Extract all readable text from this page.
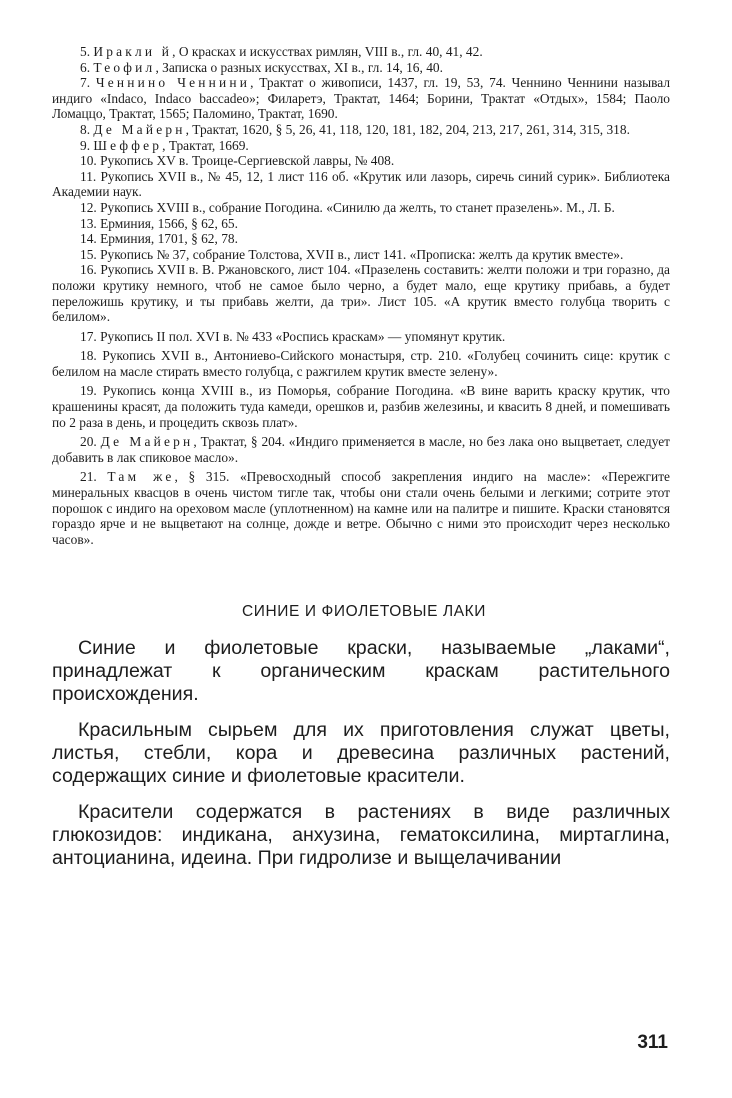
5. Иракли й, О красках и искусствах римлян, VIII в., гл. 40, 41, 42.

6. Теофил, Записка о разных искусствах, XI в., гл. 14, 16, 40.

7. Ченнино Ченнини, Трактат о живописи, 1437, гл. 19, 53, 74. Ченнино Ченнини называл индиго «Indaco, Indaco baccadeo»; Филаретэ, Трактат, 1464; Борини, Трактат «Отдых», 1584; Паоло Ломаццо, Трактат, 1565; Паломино, Трактат, 1690.

8. Де Майерн, Трактат, 1620, § 5, 26, 41, 118, 120, 181, 182, 204, 213, 217, 261, 314, 315, 318.

9. Шеффер, Трактат, 1669.

10. Рукопись XV в. Троице-Сергиевской лавры, № 408.

11. Рукопись XVII в., № 45, 12, 1 лист 116 об. «Крутик или лазорь, сиречь синий сурик». Библиотека Академии наук.

12. Рукопись XVIII в., собрание Погодина. «Синилю да желть, то станет празелень». М., Л. Б.

13. Ерминия, 1566, § 62, 65.

14. Ерминия, 1701, § 62, 78.

15. Рукопись № 37, собрание Толстова, XVII в., лист 141. «Прописка: желть да крутик вместе».

16. Рукопись XVII в. В. Ржановского, лист 104. «Празелень составить: желти положи и три горазно, да положи крутику немного, чтоб не самое было черно, а будет мало, еще крутику прибавь, а будет переложишь крутику, и ты прибавь желти, да три». Лист 105. «А крутик вместо голубца творить с белилом».

17. Рукопись II пол. XVI в. № 433 «Роспись краскам» — упомянут крутик.

18. Рукопись XVII в., Антониево-Сийского монастыря, стр. 210. «Голубец сочинить сице: крутик с белилом на масле стирать вместо голубца, с ражгилем крутик вместе зелену».

19. Рукопись конца XVIII в., из Поморья, собрание Погодина. «В вине варить краску крутик, что крашенины красят, да положить туда камеди, орешков и, разбив железины, и квасить 8 дней, и помешивать по 2 раза в день, и процедить сквозь плат».

20. Де Майерн, Трактат, § 204. «Индиго применяется в масле, но без лака оно выцветает, следует добавить в лак спиковое масло».

21. Там же, § 315. «Превосходный способ закрепления индиго на масле»: «Пережгите минеральных квасцов в очень чистом тигле так, чтобы они стали очень белыми и легкими; сотрите этот порошок с индиго на ореховом масле (уплотненном) на камне или на палитре и пишите. Краски становятся гораздо ярче и не выцветают на солнце, дожде и ветре. Обычно с ними это происходит через несколько часов».

СИНИЕ И ФИОЛЕТОВЫЕ ЛАКИ

Синие и фиолетовые краски, называемые „лаками“, принадлежат к органическим краскам растительного происхождения.

Красильным сырьем для их приготовления служат цветы, листья, стебли, кора и древесина различных растений, содержащих синие и фиолетовые красители.

Красители содержатся в растениях в виде различных глюкозидов: индикана, анхузина, гематоксилина, миртаглина, антоцианина, идеина. При гидролизе и выщелачивании

311
